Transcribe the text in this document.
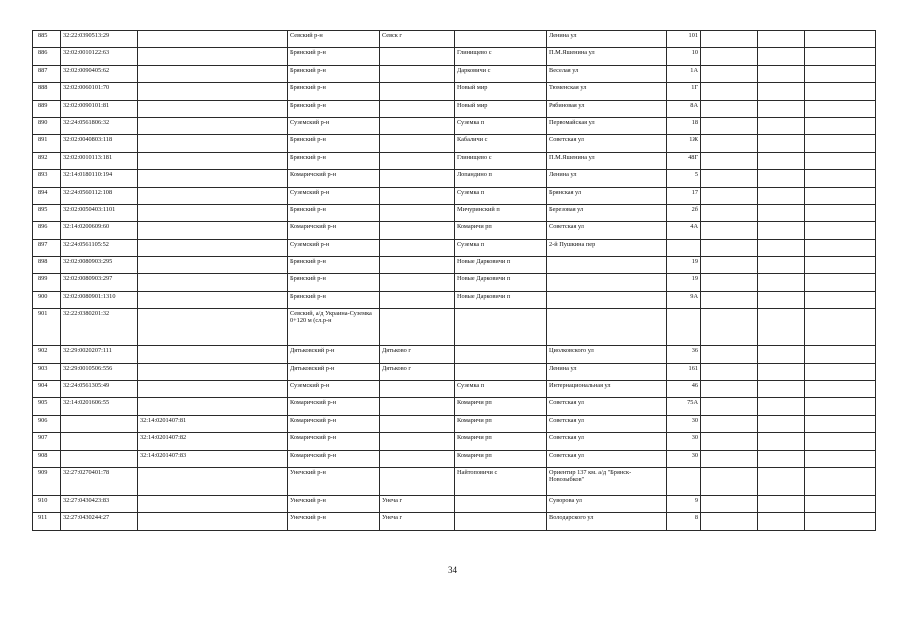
885	32:22:0390513:29		Севский р-н	Севск г		Ленина ул	101			
886	32:02:0010122:63		Брянский р-н		Глинищево с	П.М.Яшенина ул	10			
887	32:02:0090405:62		Брянский р-н		Дарковичи с	Веселая ул	1А			
888	32:02:0060101:70		Брянский р-н		Новый мир	Тюменская ул	1Г			
889	32:02:0090101:81		Брянский р-н		Новый мир	Рябиновая ул	8А			
890	32:24:0561806:32		Суземский р-н		Суземка п	Первомайская ул	18			
891	32:02:0040803:118		Брянский р-н		Кабаличи с	Советская ул	1Ж			
892	32:02:0010113:181		Брянский р-н		Глинищево с	П.М.Яшенина ул	48Г			
893	32:14:0180110:194		Комаричский р-н		Лопандино п	Ленина ул	5			
894	32:24:0560112:108		Суземский р-н		Суземка п	Брянская ул	17			
895	32:02:0050403:1101		Брянский р-н		Мичуринский п	Березовая ул	2б			
896	32:14:0200609:60		Комаричский р-н		Комаричи рп	Советская ул	4А			
897	32:24:0561105:52		Суземский р-н		Суземка п	2-й Пушкина пер				
898	32:02:0080903:295		Брянский р-н		Новые Дарковичи п		19			
899	32:02:0080903:297		Брянский р-н		Новые Дарковичи п		19			
900	32:02:0080901:1310		Брянский р-н		Новые Дарковичи п		9А			
901	32:22:0380201:32		Севский, а/д Украина-Суземка 0+120 м (сл.р-н							
902	32:29:0020207:111		Дятьковский р-н	Дятьково г		Циолковского ул	36			
903	32:29:0010506:556		Дятьковский р-н	Дятьково г		Ленина ул	161			
904	32:24:0561305:49		Суземский р-н		Суземка п	Интернациональная ул	46			
905	32:14:0201606:55		Комаричский р-н		Комаричи рп	Советская ул	75А			
906		32:14:0201407:81	Комаричский р-н		Комаричи рп	Советская ул	30			
907		32:14:0201407:82	Комаричский р-н		Комаричи рп	Советская ул	30			
908		32:14:0201407:83	Комаричский р-н		Комаричи рп	Советская ул	30			
909	32:27:0270401:78		Унечский р-н		Найтоповичи с	Ориентир 137 км. а/д "Брянск-Новозыбков"				
910	32:27:0430423:83		Унечский р-н	Унеча г		Суворова ул	9			
911	32:27:0430244:27		Унечский р-н	Унеча г		Володарского ул	8			
34
